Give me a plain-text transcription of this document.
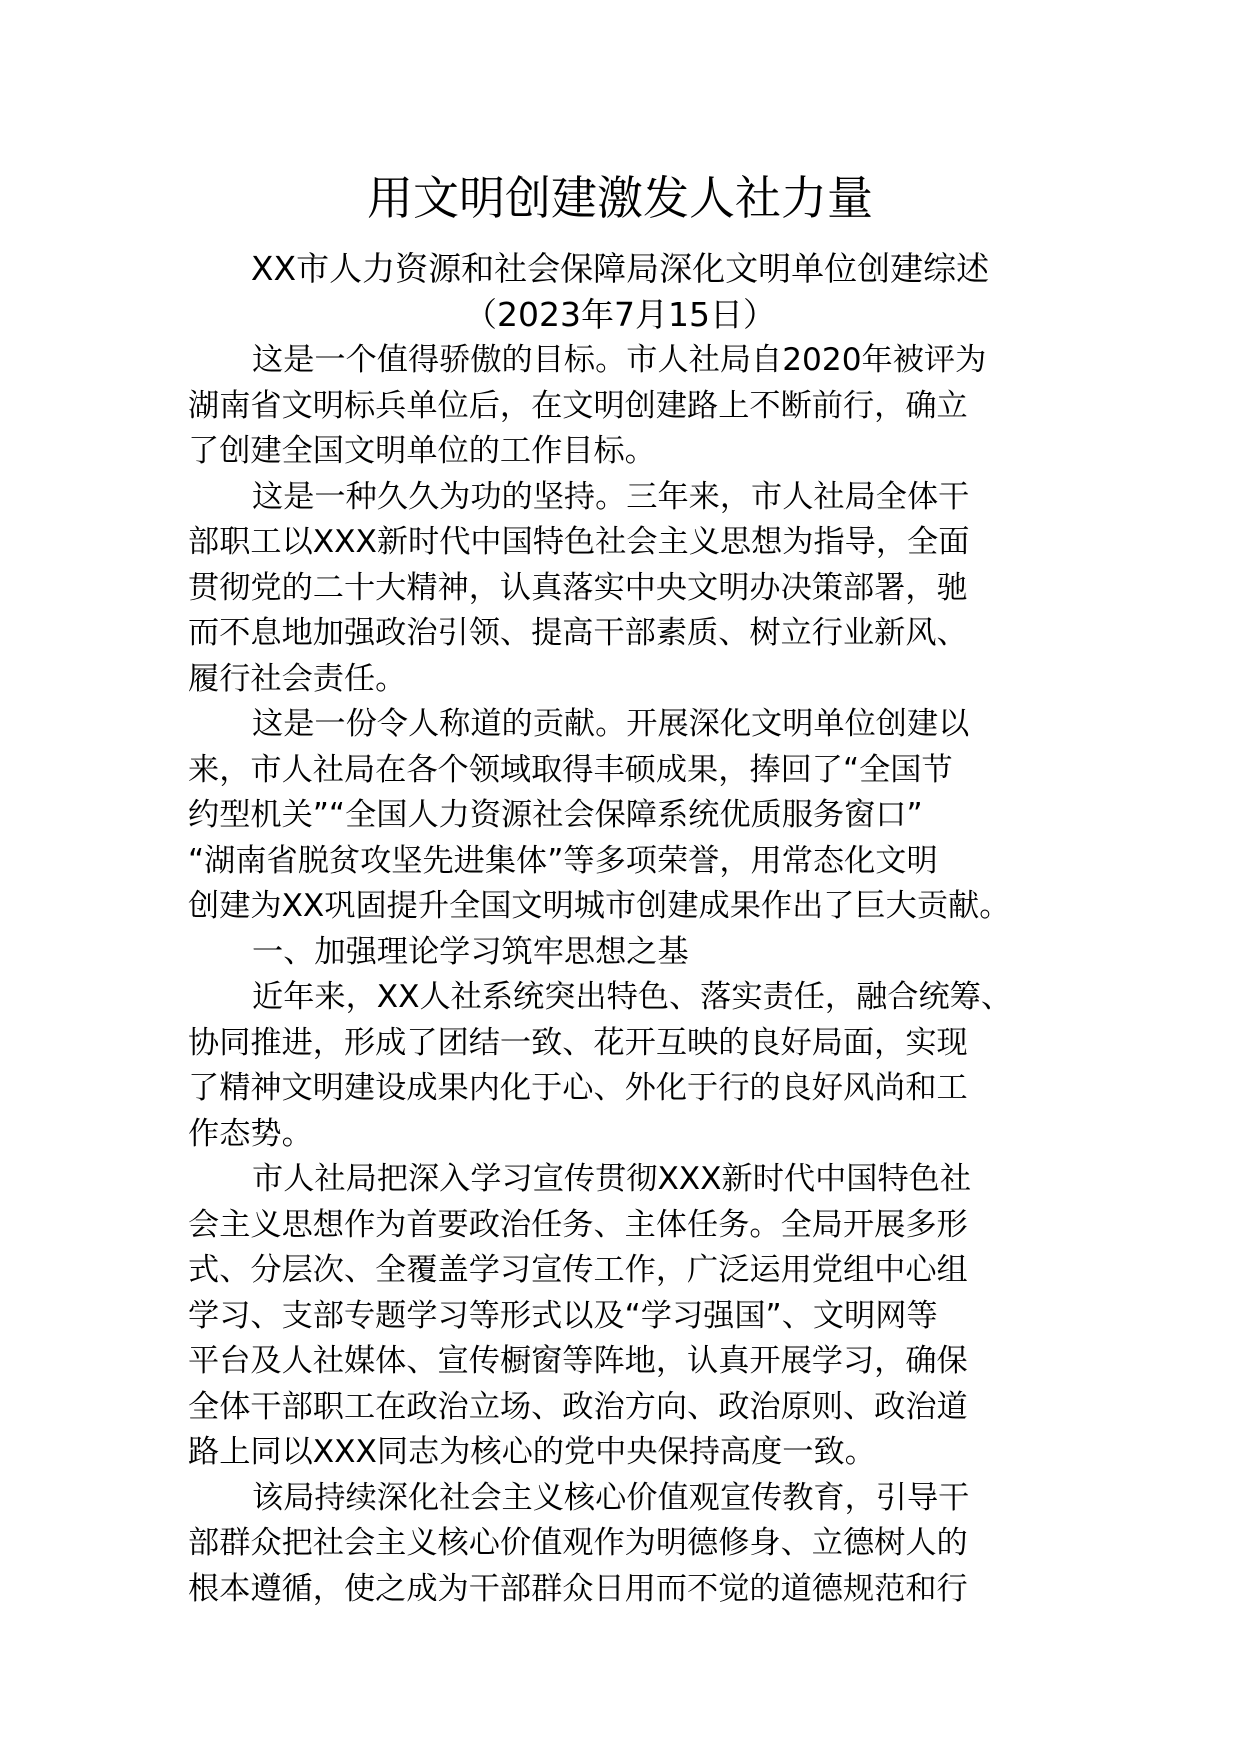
用文明创建激发人社力量
XX市人力资源和社会保障局深化文明单位创建综述
（2023年7月15日）
这是一个值得骄傲的目标。市人社局自2020年被评为
湖南省文明标兵单位后，在文明创建路上不断前行，确立
了创建全国文明单位的工作目标。
这是一种久久为功的坚持。三年来，市人社局全体干
部职工以XXX新时代中国特色社会主义思想为指导，全面
贯彻党的二十大精神，认真落实中央文明办决策部署，驰
而不息地加强政治引领、提高干部素质、树立行业新风、
履行社会责任。
这是一份令人称道的贡献。开展深化文明单位创建以
来，市人社局在各个领域取得丰硕成果，捧回了“全国节
约型机关”“全国人力资源社会保障系统优质服务窗口”
“湖南省脱贫攻坚先进集体”等多项荣誉，用常态化文明
创建为XX巩固提升全国文明城市创建成果作出了巨大贡献。
一、加强理论学习筑牢思想之基
近年来，XX人社系统突出特色、落实责任，融合统筹、
协同推进，形成了团结一致、花开互映的良好局面，实现
了精神文明建设成果内化于心、外化于行的良好风尚和工
作态势。
市人社局把深入学习宣传贯彻XXX新时代中国特色社
会主义思想作为首要政治任务、主体任务。全局开展多形
式、分层次、全覆盖学习宣传工作，广泛运用党组中心组
学习、支部专题学习等形式以及“学习强国”、文明网等
平台及人社媒体、宣传橱窗等阵地，认真开展学习，确保
全体干部职工在政治立场、政治方向、政治原则、政治道
路上同以XXX同志为核心的党中央保持高度一致。
该局持续深化社会主义核心价值观宣传教育，引导干
部群众把社会主义核心价值观作为明德修身、立德树人的
根本遵循，使之成为干部群众日用而不觉的道德规范和行
